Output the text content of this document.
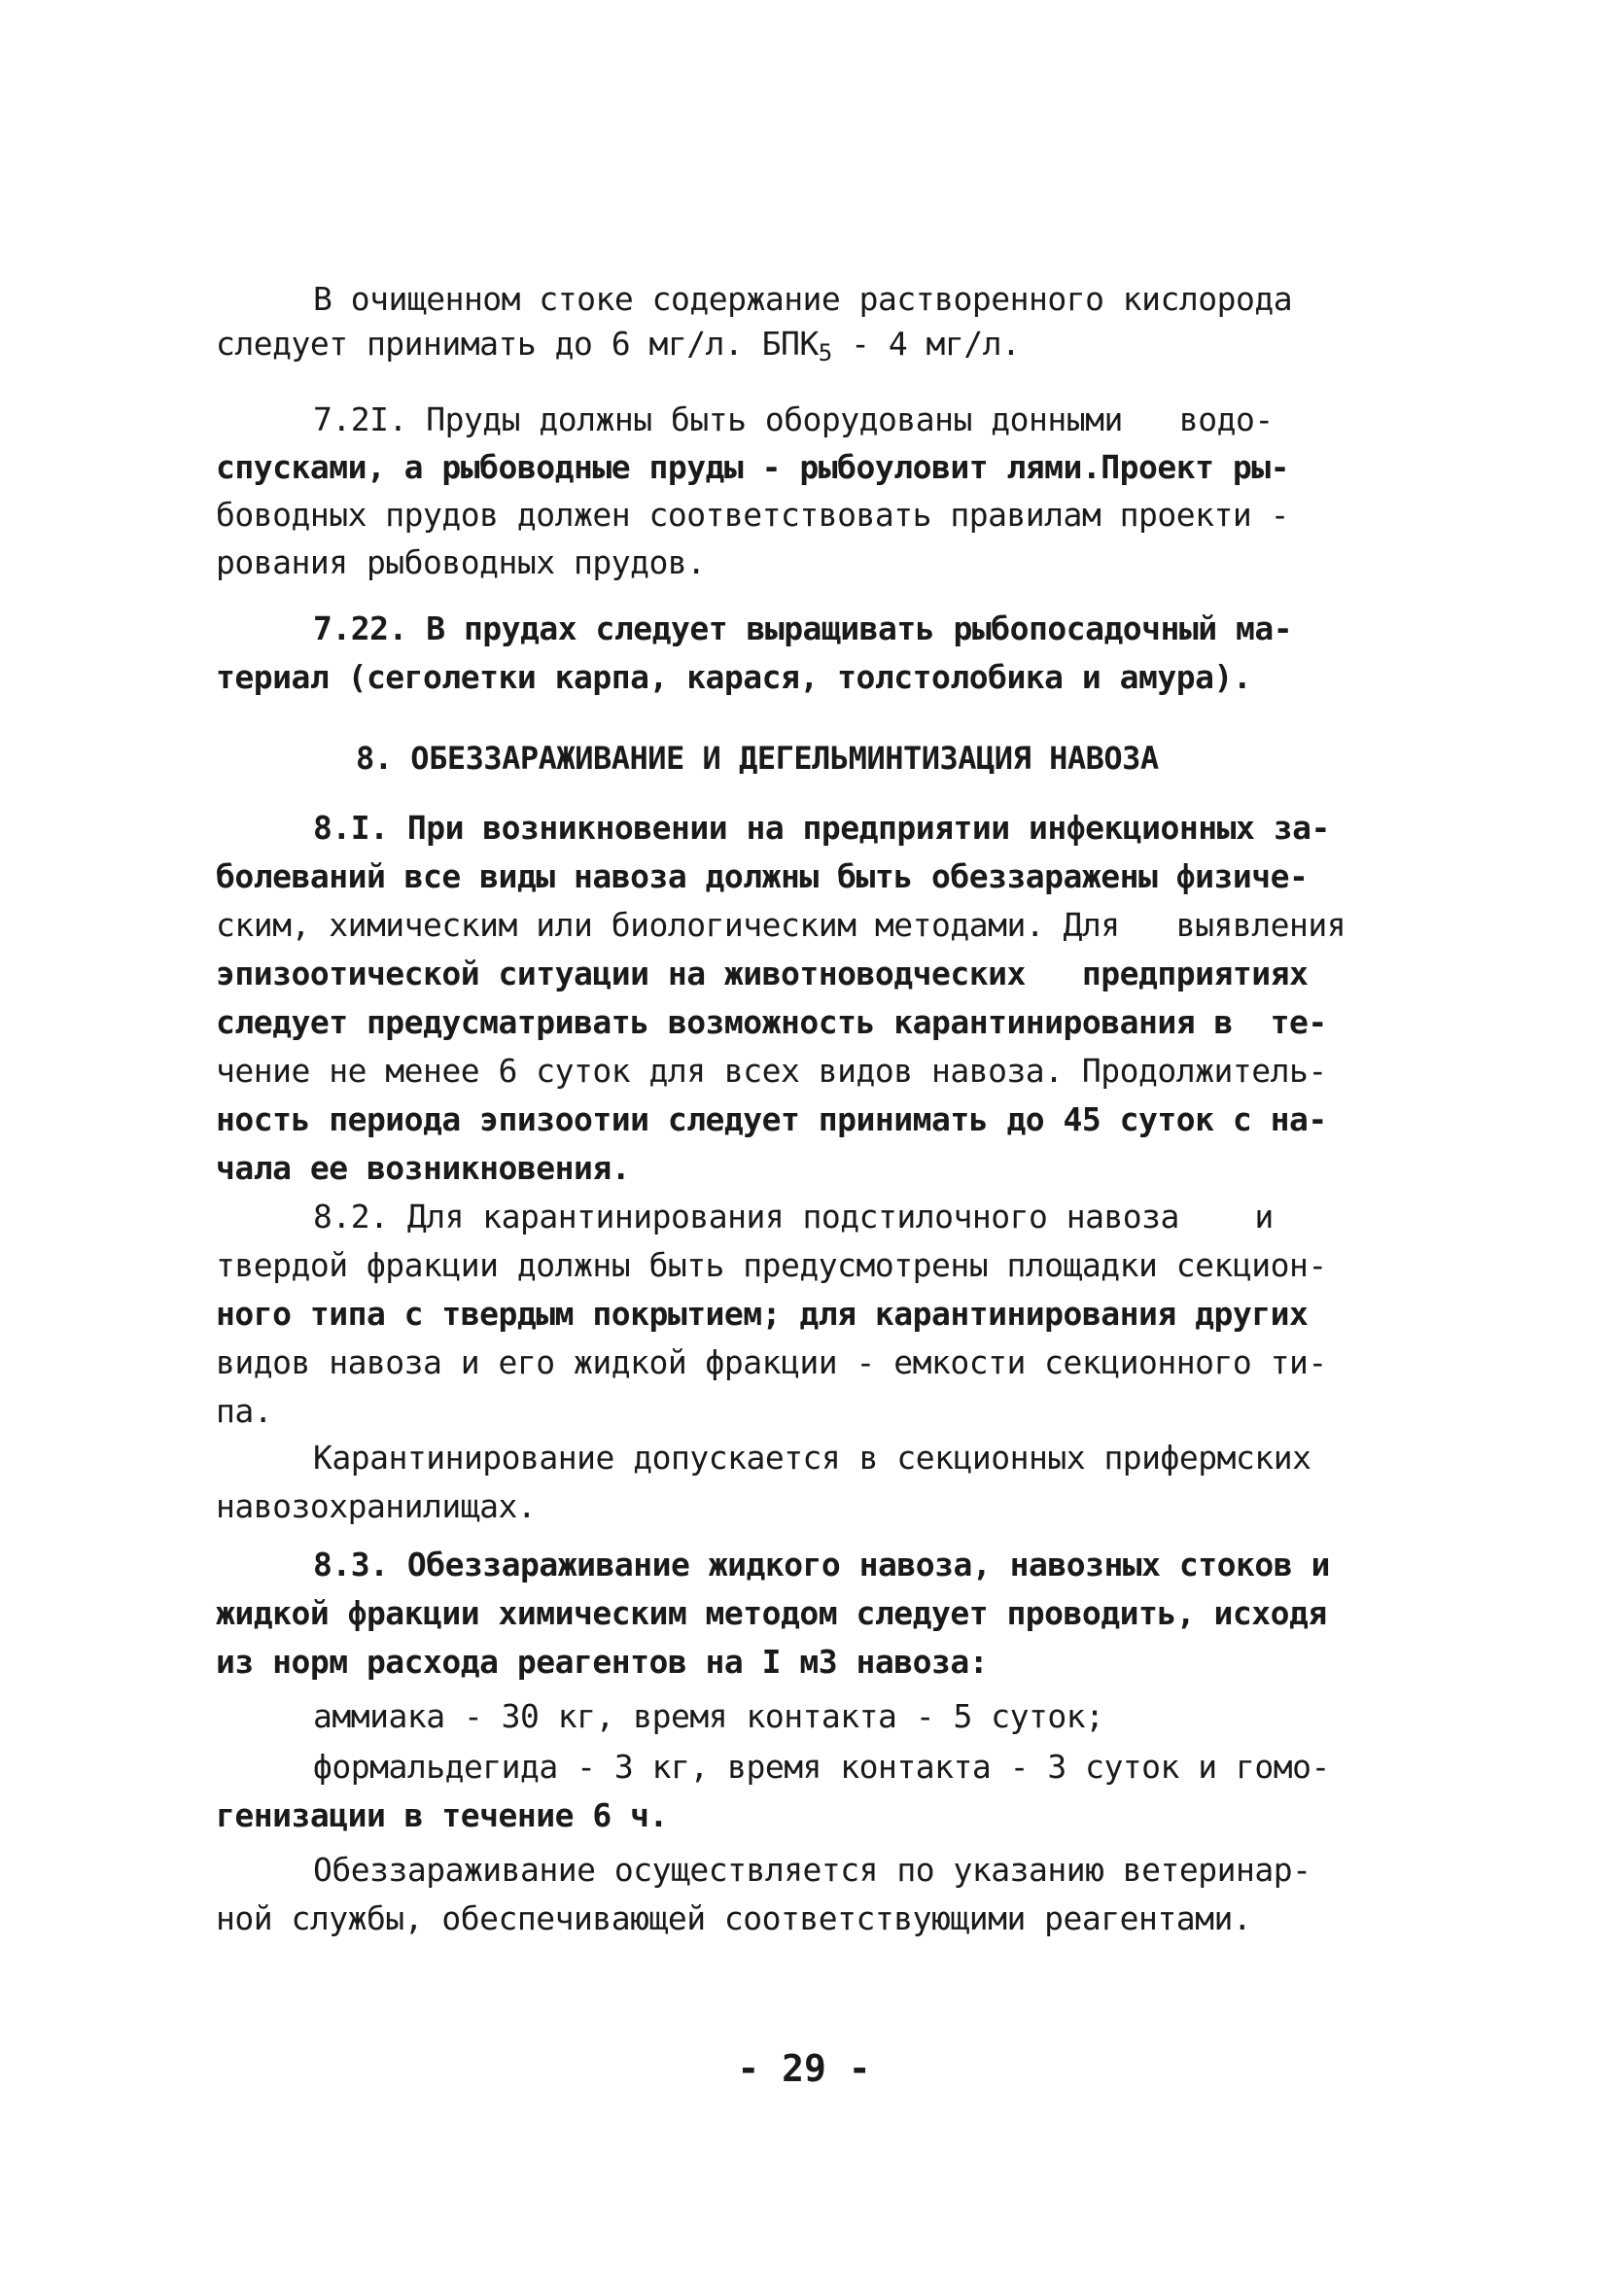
В очищенном стоке содержание растворенного кислорода
следует принимать до 6 мг/л. $БПК_5 - 4$ мг/л.
7.2I. Пруды должны быть оборудованы донными   водо-
спусками, а рыбоводные пруды - рыбоуловит лями.Проект ры-
боводных прудов должен соответствовать правилам проекти -
рования рыбоводных прудов.
7.22. В прудах следует выращивать рыбопосадочный ма-
териал (сеголетки карпа, карася, толстолобика и амура).
8. ОБЕЗЗАРАЖИВАНИЕ И ДЕГЕЛЬМИНТИЗАЦИЯ НАВОЗА
8.I. При возникновении на предприятии инфекционных за-
болеваний все виды навоза должны быть обеззаражены физиче-
ским, химическим или биологическим методами. Для   выявления
эпизоотической ситуации на животноводческих   предприятиях
следует предусматривать возможность карантинирования в  те-
чение не менее 6 суток для всех видов навоза. Продолжитель-
ность периода эпизоотии следует принимать до 45 суток с на-
чала ее возникновения.
8.2. Для карантинирования подстилочного навоза    и
твердой фракции должны быть предусмотрены площадки секцион-
ного типа с твердым покрытием; для карантинирования других
видов навоза и его жидкой фракции - емкости секционного ти-
па.
Карантинирование допускается в секционных прифермских
навозохранилищах.
8.3. Обеззараживание жидкого навоза, навозных стоков и
жидкой фракции химическим методом следует проводить, исходя
из норм расхода реагентов на I м3 навоза:
аммиака - 30 кг, время контакта - 5 суток;
формальдегида - 3 кг, время контакта - 3 суток и гомо-
генизации в течение 6 ч.
Обеззараживание осуществляется по указанию ветеринар-
ной службы, обеспечивающей соответствующими реагентами.
- 29 -
